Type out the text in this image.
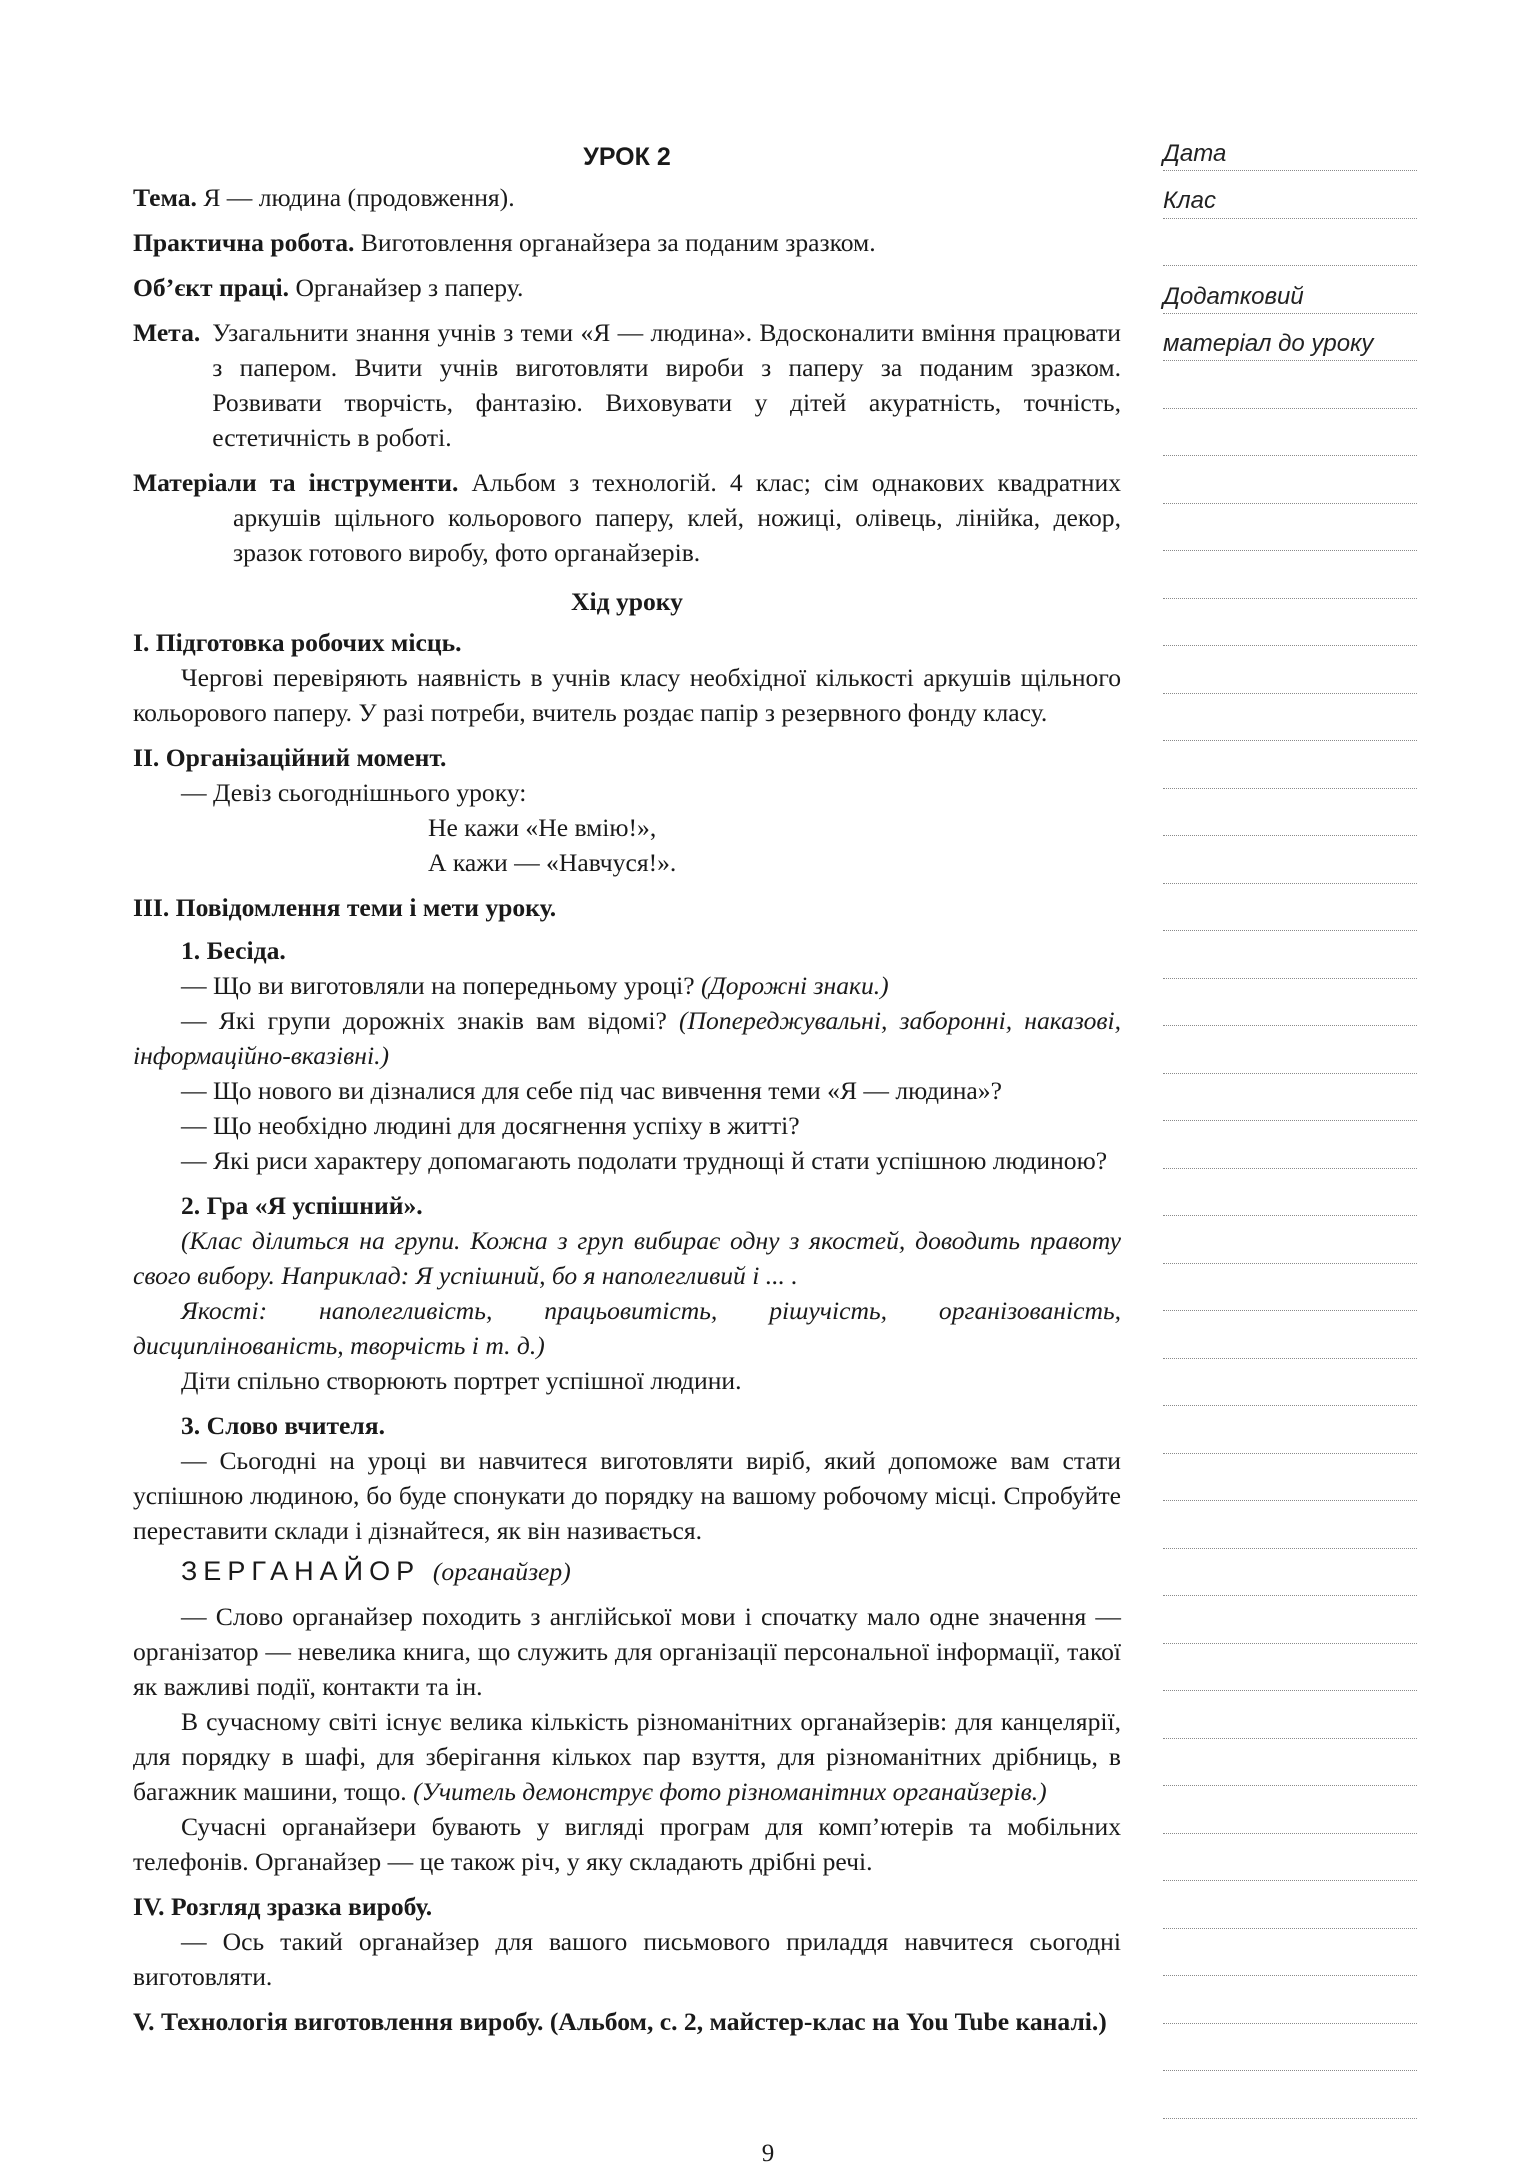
УРОК 2

Тема. Я — людина (продовження).

Практична робота. Виготовлення органайзера за поданим зразком.

Об’єкт праці. Органайзер з паперу.

Мета. Узагальнити знання учнів з теми «Я — людина». Вдосконалити вміння працювати з папером. Вчити учнів виготовляти вироби з паперу за поданим зразком. Розвивати творчість, фантазію. Виховувати у дітей акуратність, точність, естетичність в роботі.

Матеріали та інструменти. Альбом з технологій. 4 клас; сім однакових квадратних аркушів щільного кольорового паперу, клей, ножиці, олівець, лінійка, декор, зразок готового виробу, фото органайзерів.

Хід уроку

I. Підготовка робочих місць.

Чергові перевіряють наявність в учнів класу необхідної кількості аркушів щільного кольорового паперу. У разі потреби, вчитель роздає папір з резервного фонду класу.

II. Організаційний момент.

— Девіз сьогоднішнього уроку:

Не кажи «Не вмію!»,

А кажи — «Навчуся!».

III. Повідомлення теми і мети уроку.

1. Бесіда.

— Що ви виготовляли на попередньому уроці? (Дорожні знаки.)

— Які групи дорожніх знаків вам відомі? (Попереджувальні, заборонні, наказові, інформаційно-вказівні.)

— Що нового ви дізналися для себе під час вивчення теми «Я — людина»?

— Що необхідно людині для досягнення успіху в житті?

— Які риси характеру допомагають подолати труднощі й стати успішною людиною?

2. Гра «Я успішний».

(Клас ділиться на групи. Кожна з груп вибирає одну з якостей, доводить правоту свого вибору. Наприклад: Я успішний, бо я наполегливий і ... .

Якості: наполегливість, працьовитість, рішучість, організованість, дисциплінованість, творчість і т. д.)

Діти спільно створюють портрет успішної людини.

3. Слово вчителя.

— Сьогодні на уроці ви навчитеся виготовляти виріб, який допоможе вам стати успішною людиною, бо буде спонукати до порядку на вашому робочому місці. Спробуйте переставити склади і дізнайтеся, як він називається.

ЗЕРГАНАЙОР (органайзер)

— Слово органайзер походить з англійської мови і спочатку мало одне значення — організатор — невелика книга, що служить для організації персональної інформації, такої як важливі події, контакти та ін.

В сучасному світі існує велика кількість різноманітних органайзерів: для канцелярії, для порядку в шафі, для зберігання кількох пар взуття, для різноманітних дрібниць, в багажник машини, тощо. (Учитель демонструє фото різноманітних органайзерів.)

Сучасні органайзери бувають у вигляді програм для комп’ютерів та мобільних телефонів. Органайзер — це також річ, у яку складають дрібні речі.

IV. Розгляд зразка виробу.

— Ось такий органайзер для вашого письмового приладдя навчитеся сьогодні виготовляти.

V. Технологія виготовлення виробу. (Альбом, с. 2, майстер-клас на You Tube каналі.)

Дата
Клас
Додатковий
матеріал до уроку
9
